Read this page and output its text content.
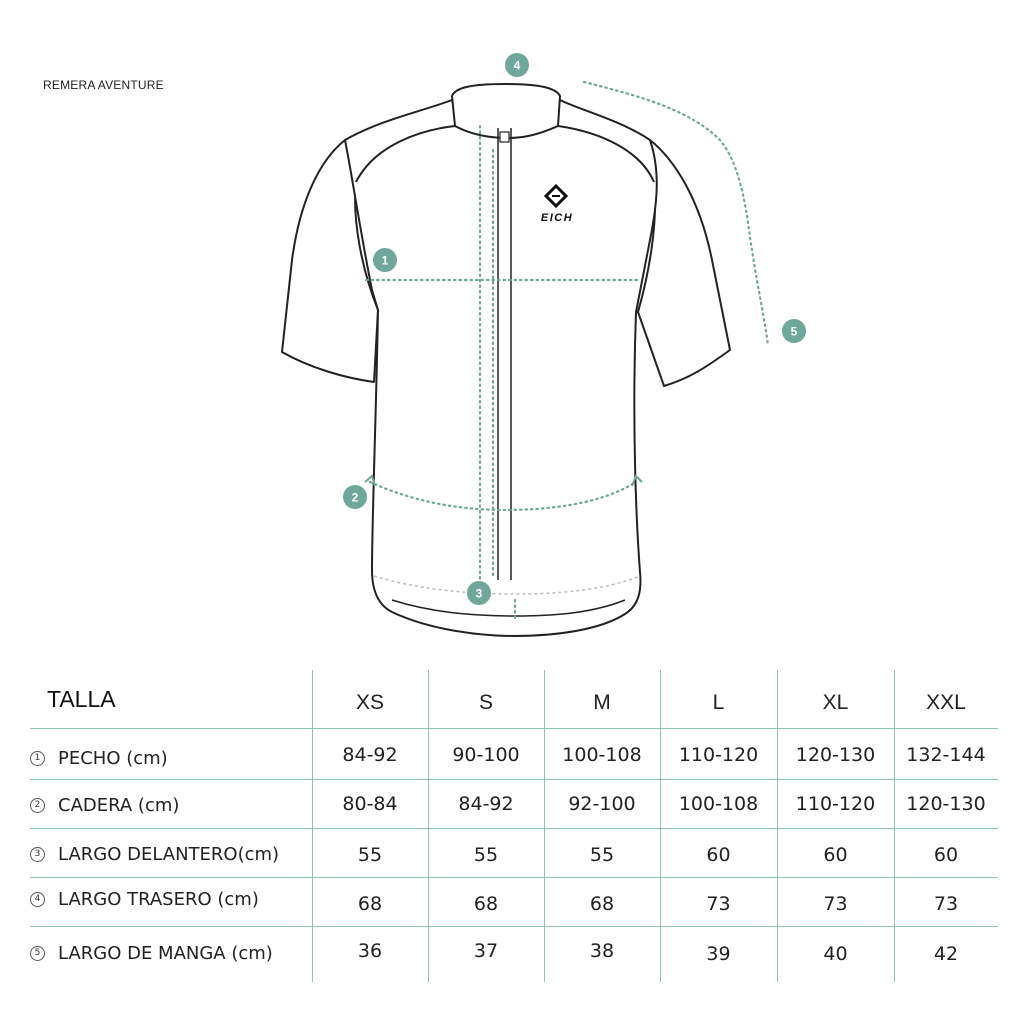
REMERA AVENTURE
EICH
1
2
3
4
5
TALLA	XS	S	M	L	XL	XXL
1 PECHO (cm)	84-92	90-100	100-108	110-120	120-130	132-144
2 CADERA (cm)	80-84	84-92	92-100	100-108	110-120	120-130
3 LARGO DELANTERO(cm)	55	55	55	60	60	60
4 LARGO TRASERO (cm)	68	68	68	73	73	73
5 LARGO DE MANGA (cm)	36	37	38	39	40	42
